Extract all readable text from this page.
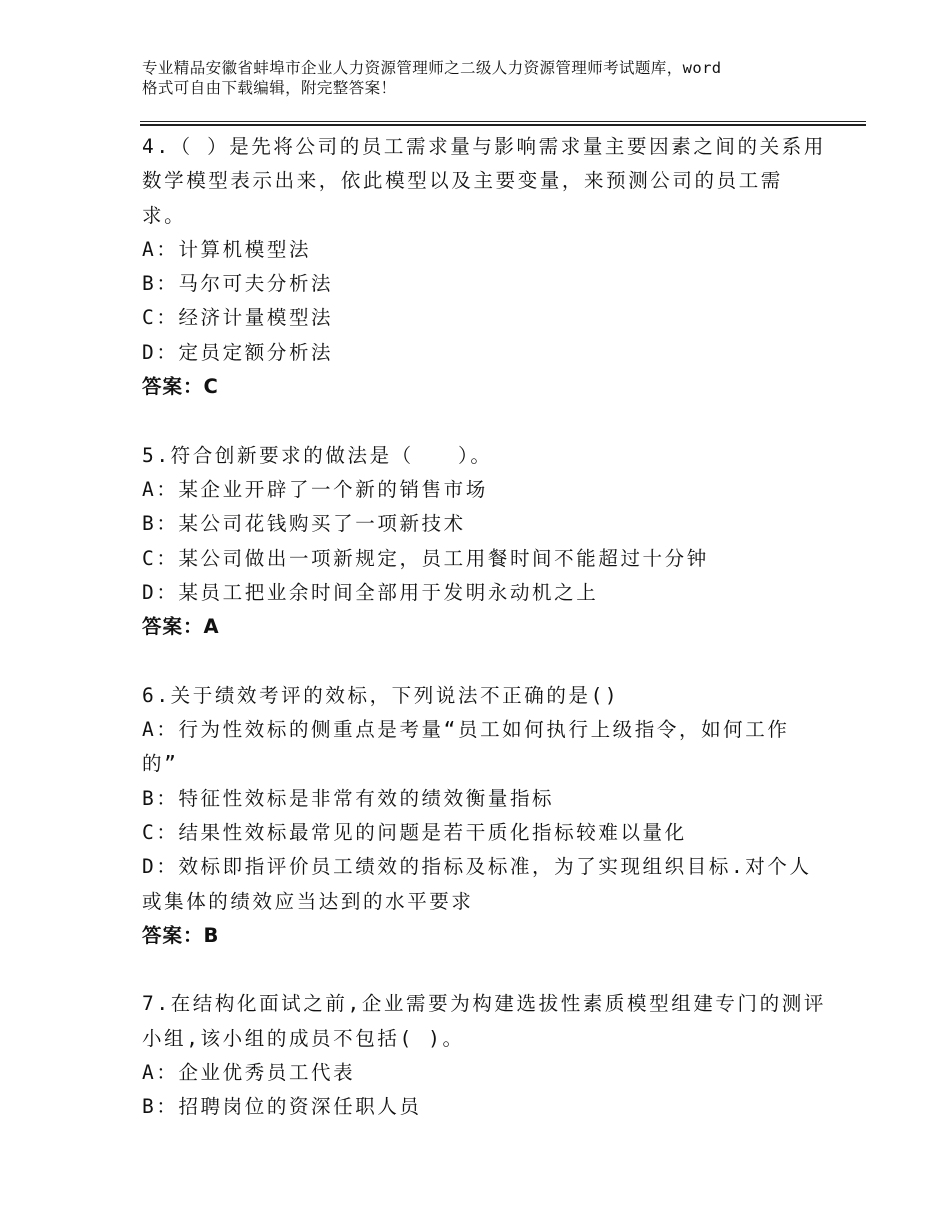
专业精品安徽省蚌埠市企业人力资源管理师之二级人力资源管理师考试题库，word
格式可自由下载编辑，附完整答案！
4.（ ）是先将公司的员工需求量与影响需求量主要因素之间的关系用
数学模型表示出来，依此模型以及主要变量，来预测公司的员工需
求。
A：计算机模型法
B：马尔可夫分析法
C：经济计量模型法
D：定员定额分析法
答案：C
5.符合创新要求的做法是（　　）。
A：某企业开辟了一个新的销售市场
B：某公司花钱购买了一项新技术
C：某公司做出一项新规定，员工用餐时间不能超过十分钟
D：某员工把业余时间全部用于发明永动机之上
答案：A
6.关于绩效考评的效标，下列说法不正确的是()
A：行为性效标的侧重点是考量“员工如何执行上级指令，如何工作
的”
B：特征性效标是非常有效的绩效衡量指标
C：结果性效标最常见的问题是若干质化指标较难以量化
D：效标即指评价员工绩效的指标及标准，为了实现组织目标.对个人
或集体的绩效应当达到的水平要求
答案：B
7.在结构化面试之前,企业需要为构建选拔性素质模型组建专门的测评
小组,该小组的成员不包括( )。
A：企业优秀员工代表
B：招聘岗位的资深任职人员
